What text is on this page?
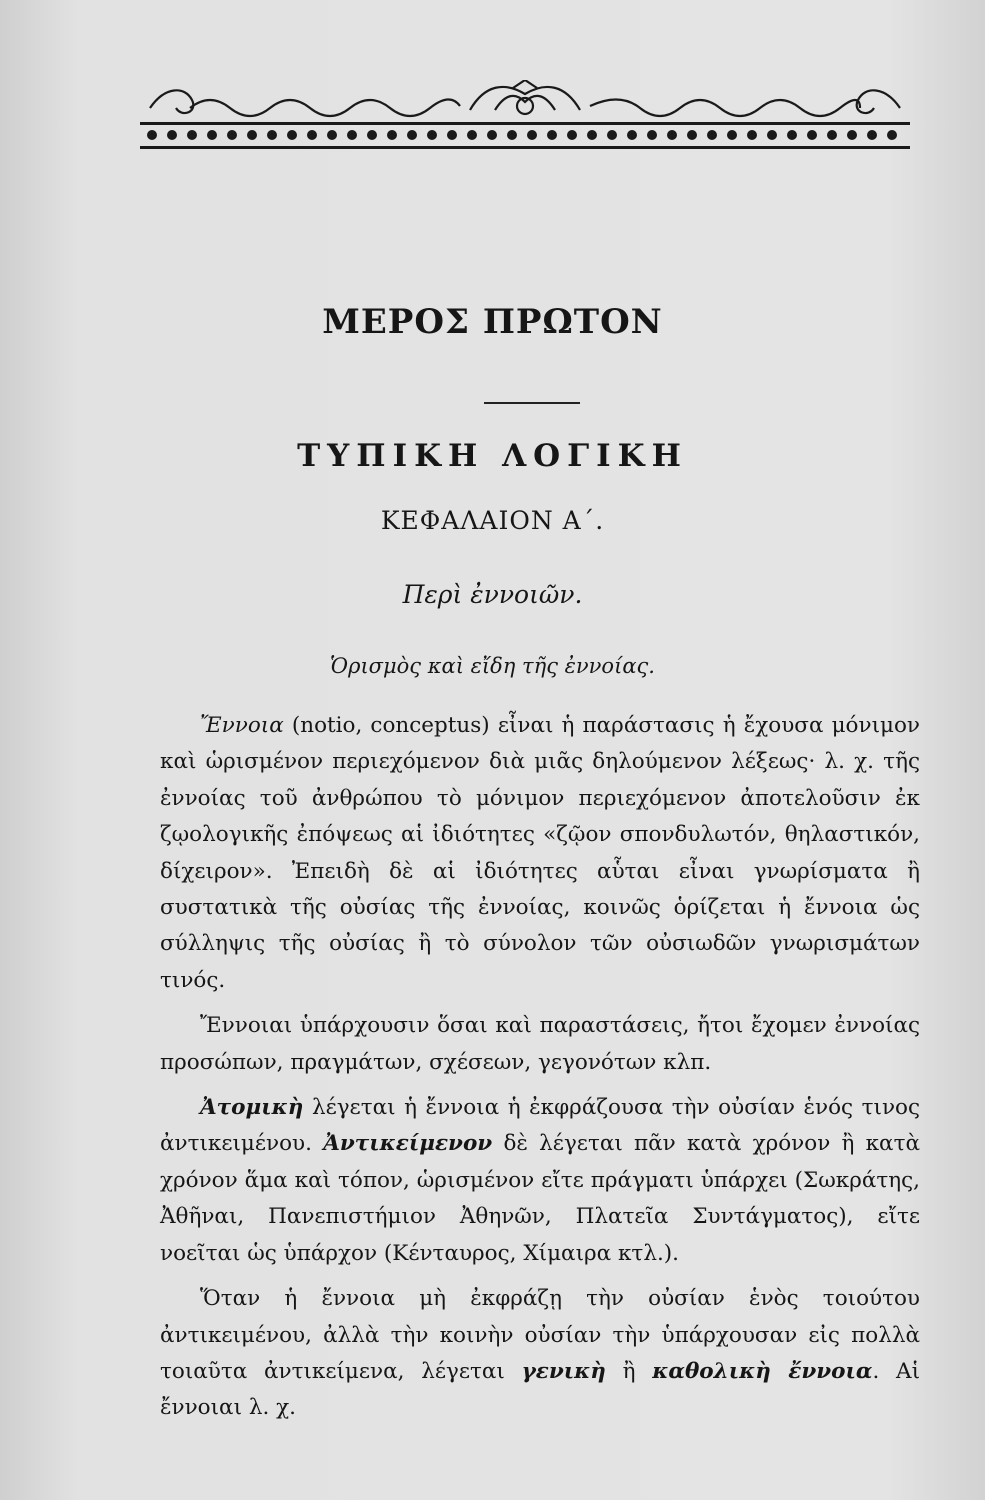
ΜΕΡΟΣ ΠΡΩΤΟΝ
ΤΥΠΙΚΗ ΛΟΓΙΚΗ
ΚΕΦΑΛΑΙΟΝ Α΄.
Περὶ ἐννοιῶν.
Ὁρισμὸς καὶ εἴδη τῆς ἐννοίας.

Ἔννοια (notio, conceptus) εἶναι ἡ παράστασις ἡ ἔχουσα μόνιμον καὶ ὡρισμένον περιεχόμενον διὰ μιᾶς δηλούμενον λέξεως· λ. χ. τῆς ἐννοίας τοῦ ἀνθρώπου τὸ μόνιμον περιεχόμενον ἀποτελοῦσιν ἐκ ζῳολογικῆς ἐπόψεως αἱ ἰδιότητες «ζῷον σπονδυλωτόν, θηλαστικόν, δίχειρον». Ἐπειδὴ δὲ αἱ ἰδιότητες αὗται εἶναι γνωρίσματα ἢ συστατικὰ τῆς οὐσίας τῆς ἐννοίας, κοινῶς ὁρίζεται ἡ ἔννοια ὡς σύλληψις τῆς οὐσίας ἢ τὸ σύνολον τῶν οὐσιωδῶν γνωρισμάτων τινός.

Ἔννοιαι ὑπάρχουσιν ὅσαι καὶ παραστάσεις, ἤτοι ἔχομεν ἐννοίας προσώπων, πραγμάτων, σχέσεων, γεγονότων κλπ.

Ἀτομικὴ λέγεται ἡ ἔννοια ἡ ἐκφράζουσα τὴν οὐσίαν ἑνός τινος ἀντικειμένου. Ἀντικείμενον δὲ λέγεται πᾶν κατὰ χρόνον ἢ κατὰ χρόνον ἅμα καὶ τόπον, ὡρισμένον εἴτε πράγματι ὑπάρχει (Σωκράτης, Ἀθῆναι, Πανεπιστήμιον Ἀθηνῶν, Πλατεῖα Συντάγματος), εἴτε νοεῖται ὡς ὑπάρχον (Κένταυρος, Χίμαιρα κτλ.).

Ὅταν ἡ ἔννοια μὴ ἐκφράζῃ τὴν οὐσίαν ἑνὸς τοιούτου ἀντικειμένου, ἀλλὰ τὴν κοινὴν οὐσίαν τὴν ὑπάρχουσαν εἰς πολλὰ τοιαῦτα ἀντικείμενα, λέγεται γενικὴ ἢ καθολικὴ ἔννοια. Αἱ ἔννοιαι λ. χ.
